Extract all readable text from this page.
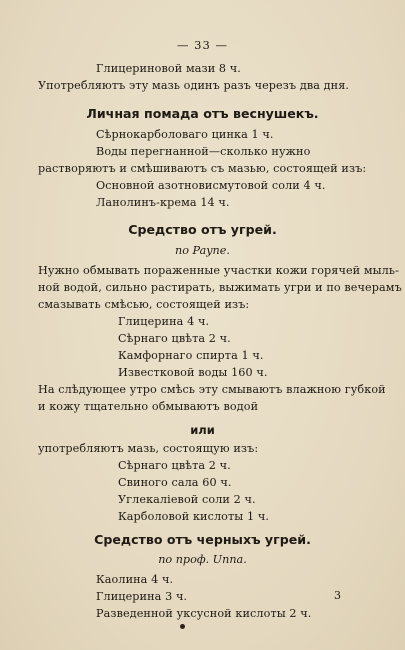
— 33 —
Глицериновой мази 8 ч.
Употребляютъ эту мазь одинъ разъ черезъ два дня.
Личная помада отъ веснушекъ.
Сѣрнокарболоваго цинка 1 ч.
Воды перегнанной—сколько нужно
растворяютъ и смѣшиваютъ съ мазью, состоящей изъ:
Основной азотновисмутовой соли 4 ч.
Ланолинъ-крема 14 ч.
Средство отъ угрей.
по Payne.
Нужно обмывать пораженные участки кожи горячей мыль-
ной водой, сильно растирать, выжимать угри и по вечерамъ
смазывать смѣсью, состоящей изъ:
Глицерина 4 ч.
Сѣрнаго цвѣта 2 ч.
Камфорнаго спирта 1 ч.
Известковой воды 160 ч.
На слѣдующее утро смѣсь эту смываютъ влажною губкой
и кожу тщательно обмываютъ водой
или
употребляютъ мазь, состоящую изъ:
Сѣрнаго цвѣта 2 ч.
Свиного сала 60 ч.
Углекалiевой соли 2 ч.
Карболовой кислоты 1 ч.
Средство отъ черныхъ угрей.
по проф. Unna.
Каолина 4 ч.
Глицерина 3 ч.
Разведенной уксусной кислоты 2 ч.
3
